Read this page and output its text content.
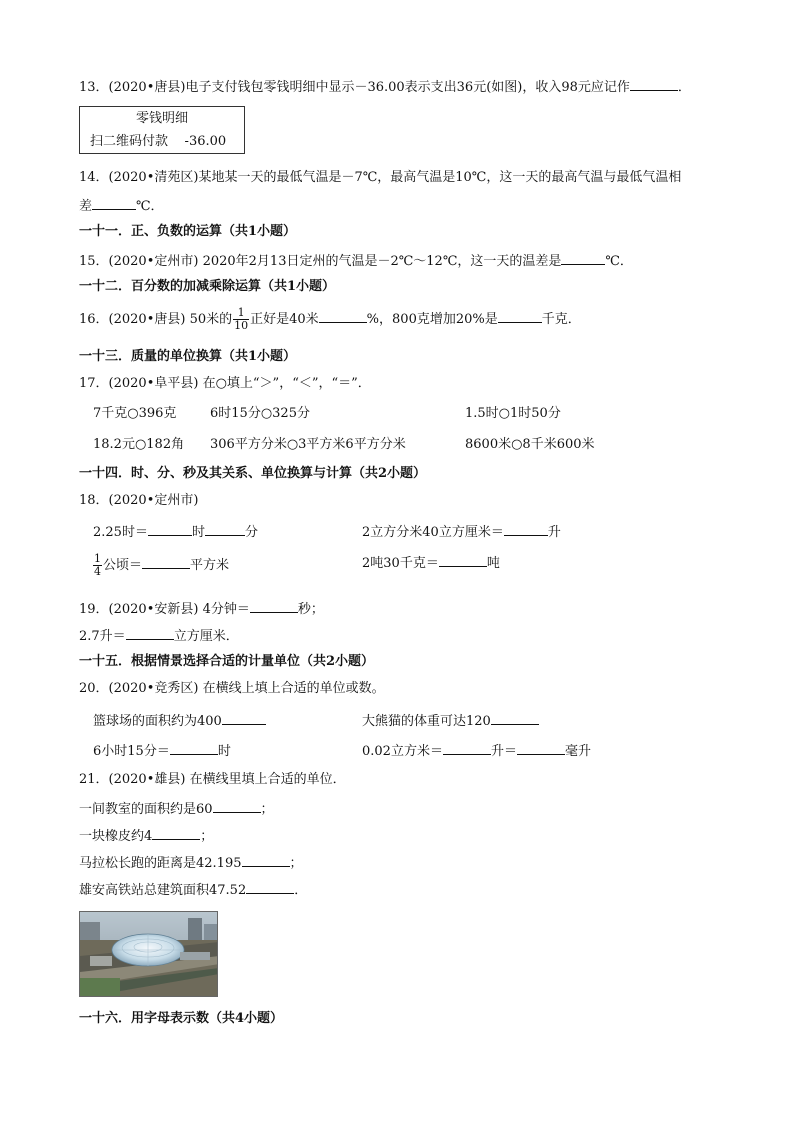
13．(2020•唐县)电子支付钱包零钱明细中显示－36.00表示支出36元(如图)，收入98元应记作	．
零钱明细
扫二维码付款 -36.00
14．(2020•清苑区)某地某一天的最低气温是－7℃，最高气温是10℃，这一天的最高气温与最低气温相
差	℃．
一十一．正、负数的运算（共1小题）
15．(2020•定州市) 2020年2月13日定州的气温是－2℃～12℃，这一天的温差是	℃．
一十二．百分数的加减乘除运算（共1小题）
16．(2020•唐县) 50米的 $\frac{1}{10}$ 正好是40米	%，800克增加20%是	千克．
一十三．质量的单位换算（共1小题）
17．(2020•阜平县) 在○填上“＞”，“＜”，“＝”．
7千克○396克	6时15分○325分	1.5时○1时50分
18.2元○182角 306平方分米○3平方米6平方分米	8600米○8千米600米
一十四．时、分、秒及其关系、单位换算与计算（共2小题）
18．(2020•定州市)
2.25时＝	时	分	2立方分米40立方厘米＝	升
$\frac{1}{4}$ 公顷＝	平方米	2吨30千克＝	吨
19．(2020•安新县) 4分钟＝	秒；
2.7升＝	立方厘米．
一十五．根据情景选择合适的计量单位（共2小题）
20．(2020•竞秀区) 在横线上填上合适的单位或数。
篮球场的面积约为400	大熊猫的体重可达120
6小时15分＝	时	0.02立方米＝	升＝	毫升
21．(2020•雄县) 在横线里填上合适的单位．
一间教室的面积约是60	；
一块橡皮约4	；
马拉松长跑的距离是42.195	；
雄安高铁站总建筑面积47.52	．
一十六．用字母表示数（共4小题）
